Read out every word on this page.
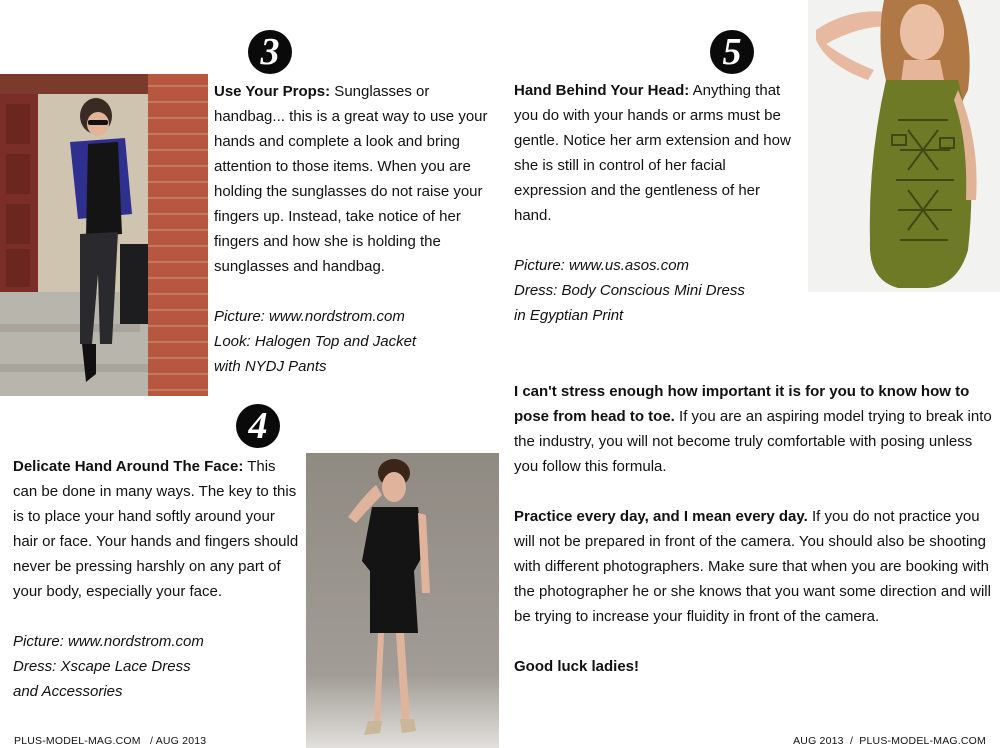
3

Use Your Props: Sunglasses or handbag... this is a great way to use your hands and complete a look and bring attention to those items. When you are holding the sunglasses do not raise your fingers up. Instead, take notice of her fingers and how she is holding the sunglasses and handbag.

Picture: www.nordstrom.com

Look: Halogen Top and Jacket

with NYDJ Pants

5

Hand Behind Your Head: Anything that you do with your hands or arms must be gentle. Notice her arm extension and how she is still in control of her facial expression and the gentleness of her hand.

Picture: www.us.asos.com

Dress: Body Conscious Mini Dress

in Egyptian Print

4

Delicate Hand Around The Face: This can be done in many ways. The key to this is to place your hand softly around your hair or face. Your hands and fingers should never be pressing harshly on any part of your body, especially your face.

Picture: www.nordstrom.com

Dress: Xscape Lace Dress

and Accessories

I can't stress enough how important it is for you to know how to pose from head to toe. If you are an aspiring model trying to break into the industry, you will not become truly comfortable with posing unless you follow this formula.

Practice every day, and I mean every day. If you do not practice you will not be prepared in front of the camera. You should also be shooting with different photographers. Make sure that when you are booking with the photographer he or she knows that you want some direction and will be trying to increase your fluidity in front of the camera.

Good luck ladies!

PLUS-MODEL-MAG.COM   / AUG 2013	AUG 2013  /  PLUS-MODEL-MAG.COM
